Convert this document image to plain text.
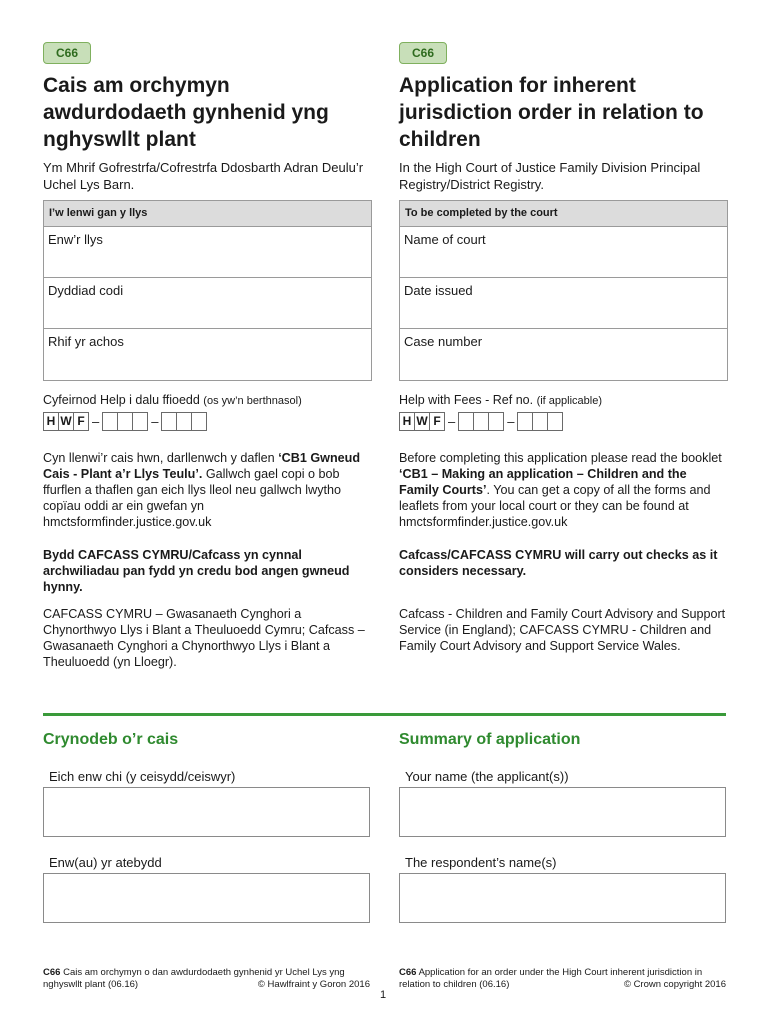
C66
Cais am orchymyn awdurdodaeth gynhenid yng nghyswllt plant
Ym Mhrif Gofrestrfa/Cofrestrfa Ddosbarth Adran Deulu’r Uchel Lys Barn.
C66
Application for inherent jurisdiction order in relation to children
In the High Court of Justice Family Division Principal Registry/District Registry.
I’w lenwi gan y llys
Enw’r llys
Dyddiad codi
Rhif yr achos
To be completed by the court
Name of court
Date issued
Case number
Cyfeirnod Help i dalu ffioedd (os yw’n berthnasol)
H W F –	–
Help with Fees - Ref no. (if applicable)
H W F –	–
Cyn llenwi’r cais hwn, darllenwch y daflen ‘CB1 Gwneud Cais - Plant a’r Llys Teulu’. Gallwch gael copi o bob ffurflen a thaflen gan eich llys lleol neu gallwch lwytho copïau oddi ar ein gwefan yn hmctsformfinder.justice.gov.uk
Before completing this application please read the booklet ‘CB1 – Making an application – Children and the Family Courts’. You can get a copy of all the forms and leaflets from your local court or they can be found at hmctsformfinder.justice.gov.uk
Bydd CAFCASS CYMRU/Cafcass yn cynnal archwiliadau pan fydd yn credu bod angen gwneud hynny.
Cafcass/CAFCASS CYMRU will carry out checks as it considers necessary.
CAFCASS CYMRU – Gwasanaeth Cynghori a Chynorthwyo Llys i Blant a Theuluoedd Cymru; Cafcass – Gwasanaeth Cynghori a Chynorthwyo Llys i Blant a Theuluoedd (yn Lloegr).
Cafcass - Children and Family Court Advisory and Support Service (in England); CAFCASS CYMRU - Children and Family Court Advisory and Support Service Wales.
Crynodeb o’r cais	Summary of application
Eich enw chi (y ceisydd/ceiswyr)	Your name (the applicant(s))
Enw(au) yr atebydd	The respondent’s name(s)
C66 Cais am orchymyn o dan awdurdodaeth gynhenid yr Uchel Lys yng nghyswllt plant (06.16)	© Hawlfraint y Goron 2016
C66 Application for an order under the High Court inherent jurisdiction in relation to children (06.16)	© Crown copyright 2016
1
